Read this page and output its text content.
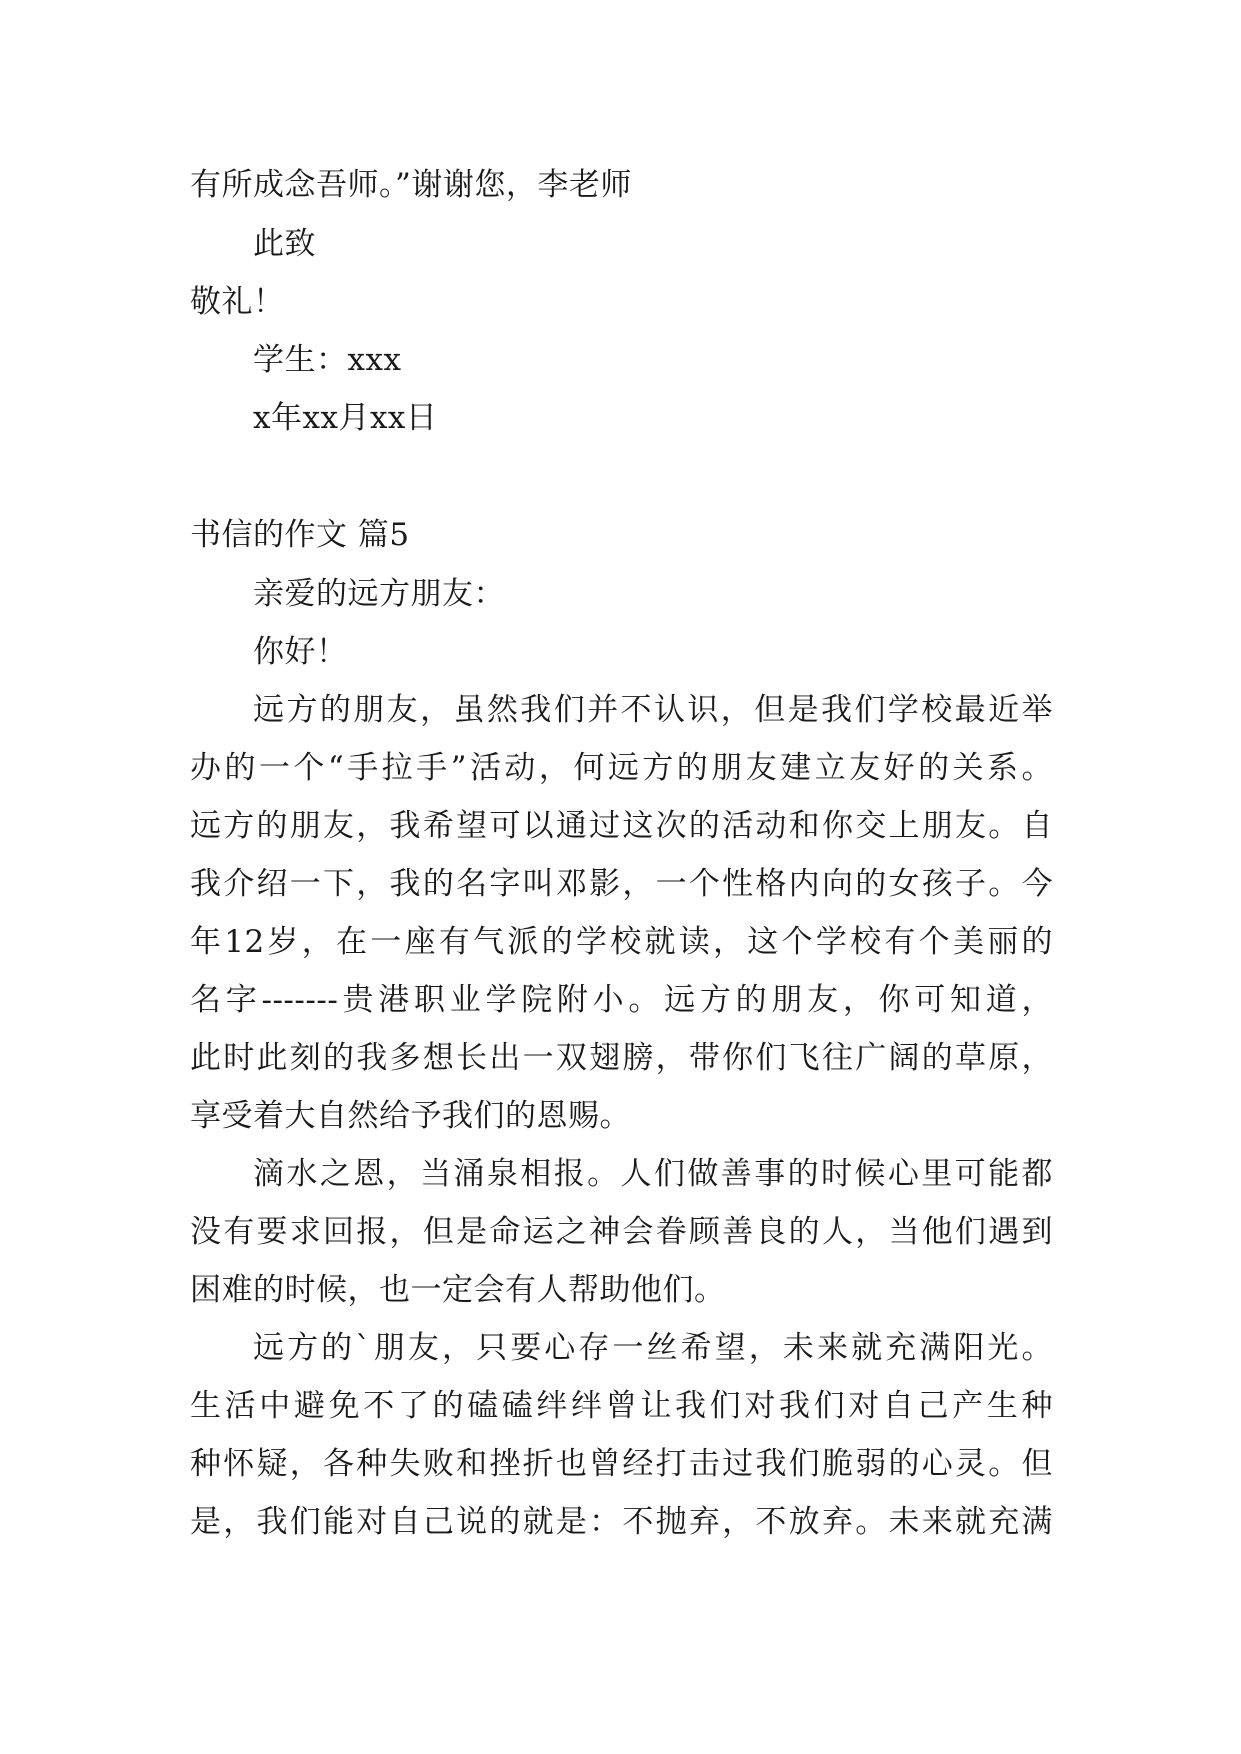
有所成念吾师。”谢谢您，李老师
此致
敬礼！
学生：xxx
x年xx月xx日
书信的作文 篇5
亲爱的远方朋友：
你好！
远方的朋友，虽然我们并不认识，但是我们学校最近举
办的一个“手拉手”活动，何远方的朋友建立友好的关系。
远方的朋友，我希望可以通过这次的活动和你交上朋友。自
我介绍一下，我的名字叫邓影，一个性格内向的女孩子。今
年12岁，在一座有气派的学校就读，这个学校有个美丽的
名字-------贵港职业学院附小。远方的朋友，你可知道，
此时此刻的我多想长出一双翅膀，带你们飞往广阔的草原，
享受着大自然给予我们的恩赐。
滴水之恩，当涌泉相报。人们做善事的时候心里可能都
没有要求回报，但是命运之神会眷顾善良的人，当他们遇到
困难的时候，也一定会有人帮助他们。
远方的`朋友，只要心存一丝希望，未来就充满阳光。
生活中避免不了的磕磕绊绊曾让我们对我们对自己产生种
种怀疑，各种失败和挫折也曾经打击过我们脆弱的心灵。但
是，我们能对自己说的就是：不抛弃，不放弃。未来就充满
